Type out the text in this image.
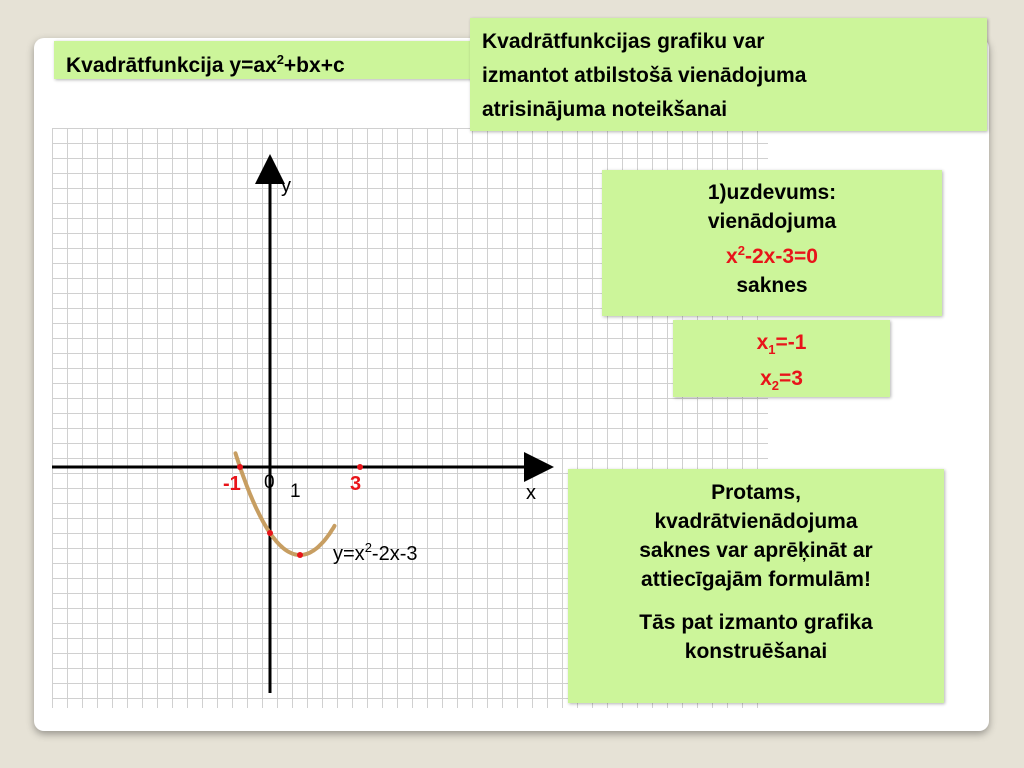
y
x
0 1
-1	3
$y=x^2-2x-3$
Kvadrātfunkcija $y=ax^2+bx+c$
Kvadrātfunkcijas grafiku var
izmantot atbilstošā vienādojuma
atrisinājuma noteikšanai
1)uzdevums:
vienādojuma
$x^2-2x-3=0$
saknes
$x_1=-1$
$x_2=3$

Protams,
kvadrātvienādojuma
saknes var aprēķināt ar
attiecīgajām formulām!

Tās pat izmanto grafika
konstruēšanai
